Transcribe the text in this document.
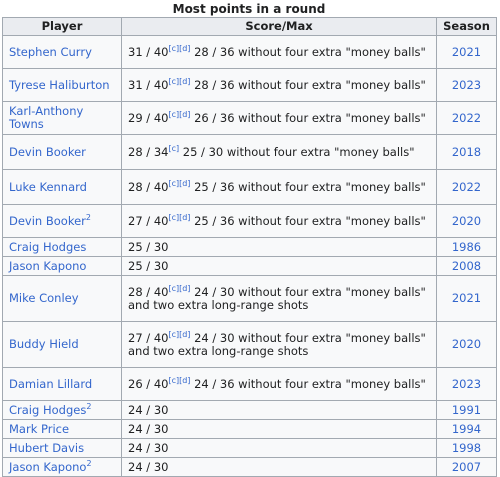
Most points in a round
Player	Score/Max	Season
Stephen Curry	31 / 40[c][d] 28 / 36 without four extra "money balls"	2021
Tyrese Haliburton	31 / 40[c][d] 28 / 36 without four extra "money balls"	2023
Karl-Anthony Towns	29 / 40[c][d] 26 / 36 without four extra "money balls"	2022
Devin Booker	28 / 34[c] 25 / 30 without four extra "money balls"	2018
Luke Kennard	28 / 40[c][d] 25 / 36 without four extra "money balls"	2022
Devin Booker$^2$	27 / 40[c][d] 25 / 36 without four extra "money balls"	2020
Craig Hodges	25 / 30	1986
Jason Kapono	25 / 30	2008
Mike Conley	28 / 40[c][d] 24 / 30 without four extra "money balls" and two extra long-range shots	2021
Buddy Hield	27 / 40[c][d] 24 / 30 without four extra "money balls" and two extra long-range shots	2020
Damian Lillard	26 / 40[c][d] 24 / 36 without four extra "money balls"	2023
Craig Hodges$^2$	24 / 30	1991
Mark Price	24 / 30	1994
Hubert Davis	24 / 30	1998
Jason Kapono$^2$	24 / 30	2007
